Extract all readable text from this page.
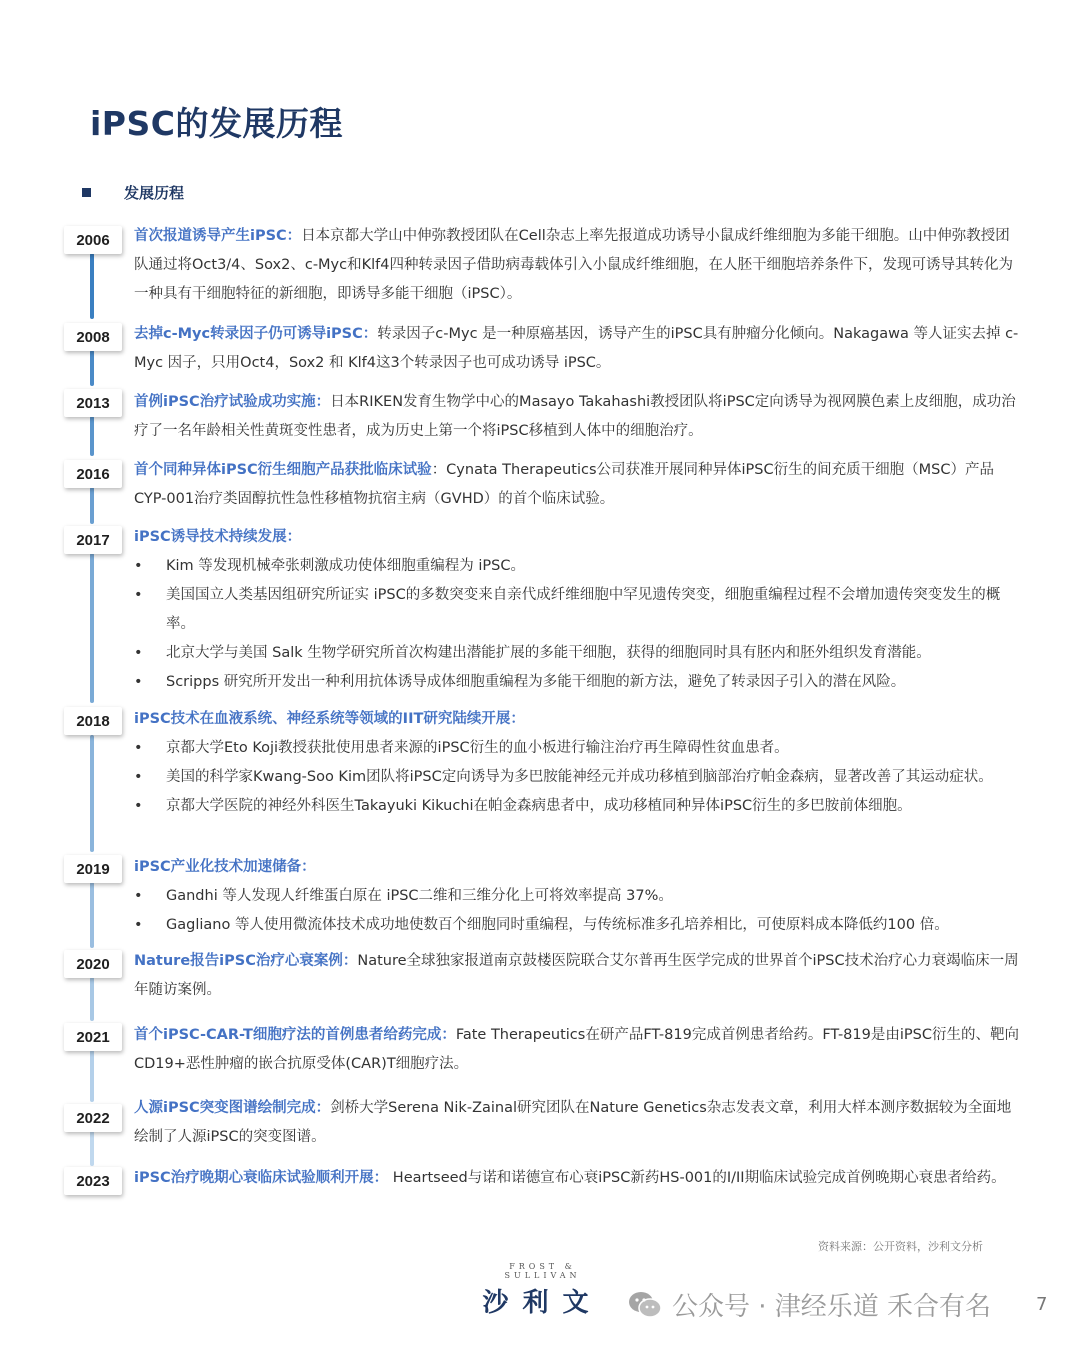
iPSC的发展历程
发展历程
2006
2008
2013
2016
2017
2018
2019
2020
2021
2022
2023
首次报道诱导产生iPSC：日本京都大学山中伸弥教授团队在Cell杂志上率先报道成功诱导小鼠成纤维细胞为多能干细胞。山中伸弥教授团队通过将Oct3/4、Sox2、c-Myc和Klf4四种转录因子借助病毒载体引入小鼠成纤维细胞，在人胚干细胞培养条件下，发现可诱导其转化为一种具有干细胞特征的新细胞，即诱导多能干细胞（iPSC）。
去掉c-Myc转录因子仍可诱导iPSC：转录因子c-Myc 是一种原癌基因，诱导产生的iPSC具有肿瘤分化倾向。Nakagawa 等人证实去掉 c-Myc 因子，只用Oct4，Sox2 和 Klf4这3个转录因子也可成功诱导 iPSC。
首例iPSC治疗试验成功实施：日本RIKEN发育生物学中心的Masayo Takahashi教授团队将iPSC定向诱导为视网膜色素上皮细胞，成功治疗了一名年龄相关性黄斑变性患者，成为历史上第一个将iPSC移植到人体中的细胞治疗。
首个同种异体iPSC衍生细胞产品获批临床试验：Cynata Therapeutics公司获准开展同种异体iPSC衍生的间充质干细胞（MSC）产品 CYP-001治疗类固醇抗性急性移植物抗宿主病（GVHD）的首个临床试验。
iPSC诱导技术持续发展：
• Kim 等发现机械牵张刺激成功使体细胞重编程为 iPSC。
• 美国国立人类基因组研究所证实 iPSC的多数突变来自亲代成纤维细胞中罕见遗传突变，细胞重编程过程不会增加遗传突变发生的概率。
• 北京大学与美国 Salk 生物学研究所首次构建出潜能扩展的多能干细胞，获得的细胞同时具有胚内和胚外组织发育潜能。
• Scripps 研究所开发出一种利用抗体诱导成体细胞重编程为多能干细胞的新方法，避免了转录因子引入的潜在风险。
iPSC技术在血液系统、神经系统等领域的IIT研究陆续开展：
• 京都大学Eto Koji教授获批使用患者来源的iPSC衍生的血小板进行输注治疗再生障碍性贫血患者。
• 美国的科学家Kwang-Soo Kim团队将iPSC定向诱导为多巴胺能神经元并成功移植到脑部治疗帕金森病，显著改善了其运动症状。
• 京都大学医院的神经外科医生Takayuki Kikuchi在帕金森病患者中，成功移植同种异体iPSC衍生的多巴胺前体细胞。
iPSC产业化技术加速储备：
• Gandhi 等人发现人纤维蛋白原在 iPSC二维和三维分化上可将效率提高 37%。
• Gagliano 等人使用微流体技术成功地使数百个细胞同时重编程，与传统标准多孔培养相比，可使原料成本降低约100 倍。
Nature报告iPSC治疗心衰案例：Nature全球独家报道南京鼓楼医院联合艾尔普再生医学完成的世界首个iPSC技术治疗心力衰竭临床一周年随访案例。
首个iPSC-CAR-T细胞疗法的首例患者给药完成：Fate Therapeutics在研产品FT-819完成首例患者给药。FT-819是由iPSC衍生的、靶向CD19+恶性肿瘤的嵌合抗原受体(CAR)T细胞疗法。
人源iPSC突变图谱绘制完成：剑桥大学Serena Nik-Zainal研究团队在Nature Genetics杂志发表文章，利用大样本测序数据较为全面地绘制了人源iPSC的突变图谱。
iPSC治疗晚期心衰临床试验顺利开展： Heartseed与诺和诺德宣布心衰iPSC新药HS-001的I/II期临床试验完成首例晚期心衰患者给药。
资料来源：公开资料，沙利文分析
FROST & SULLIVAN
沙利文	公众号 · 津经乐道 禾合有名 7
